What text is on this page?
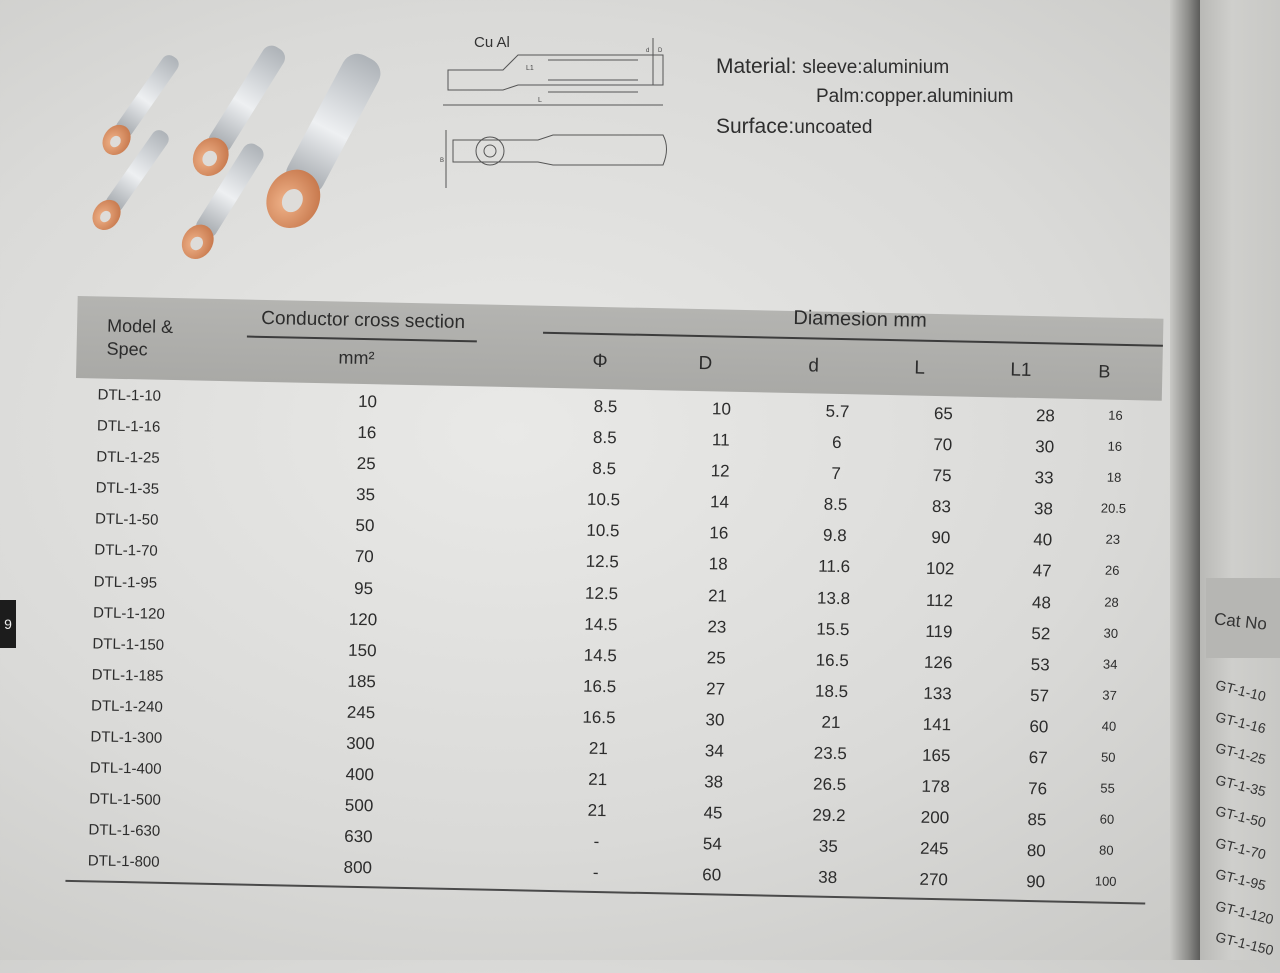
Cat No
GT-1-10
GT-1-16
GT-1-25
GT-1-35
GT-1-50
GT-1-70
GT-1-95
GT-1-120
GT-1-150
9
L1
L
d D
B
Cu Al
Material: sleeve:aluminium
Palm:copper.aluminium
Surface:uncoated
Model &
Spec
Conductor cross section
mm²
Diamesion mm
Φ	D	d	L	L1	B
DTL-1-10	10	8.5	10	5.7	65	28	16
DTL-1-16	16	8.5	11	6	70	30	16
DTL-1-25	25	8.5	12	7	75	33	18
DTL-1-35	35	10.5	14	8.5	83	38	20.5
DTL-1-50	50	10.5	16	9.8	90	40	23
DTL-1-70	70	12.5	18	11.6	102	47	26
DTL-1-95	95	12.5	21	13.8	112	48	28
DTL-1-120	120	14.5	23	15.5	119	52	30
DTL-1-150	150	14.5	25	16.5	126	53	34
DTL-1-185	185	16.5	27	18.5	133	57	37
DTL-1-240	245	16.5	30	21	141	60	40
DTL-1-300	300	21	34	23.5	165	67	50
DTL-1-400	400	21	38	26.5	178	76	55
DTL-1-500	500	21	45	29.2	200	85	60
DTL-1-630	630	-	54	35	245	80	80
DTL-1-800	800	-	60	38	270	90	100
